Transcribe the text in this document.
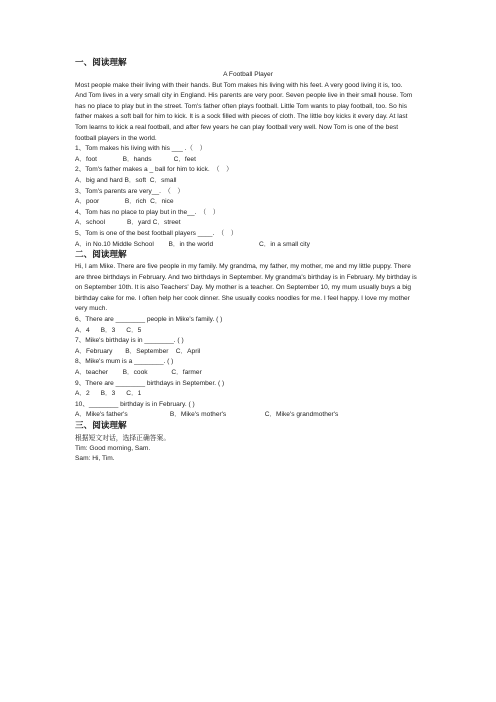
一、阅读理解
A Football Player

Most people make their living with their hands. But Tom makes his living with his feet. A very good living it is, too.

And Tom lives in a very small city in England. His parents are very poor. Seven people live in their small house. Tom has no place to play but in the street. Tom's father often plays football. Little Tom wants to play football, too. So his father makes a soft ball for him to kick. It is a sock filled with pieces of cloth. The little boy kicks it every day. At last Tom learns to kick a real football, and after few years he can play football very well. Now Tom is one of the best football players in the world.

1、Tom makes his living with his ___ .（　）

A．foot              B．hands            C．feet

2、Tom's father makes a _ ball for him to kick.　（　）

A．big and hard B．soft  C．small

3、Tom's parents are very__.　（　）

A．poor              B．rich  C．nice

4、Tom has no place to play but in the__.　（　）

A．school            B．yard C．street

5、Tom is one of the best football players ____.　（　）

A．in No.10 Middle School        B．in the world                         C．in a small city

二、阅读理解

Hi, I am Mike. There are five people in my family. My grandma, my father, my mother, me and my little puppy. There are three birthdays in February. And two birthdays in September. My grandma's birthday is in February. My birthday is on September 10th. It is also Teachers' Day. My mother is a teacher. On September 10, my mum usually buys a big birthday cake for me. I often help her cook dinner. She usually cooks noodles for me. I feel happy. I love my mother very much.

6、There are ________ people in Mike's family. ( )

A．4      B．3      C．5

7、Mike's birthday is in ________. ( )

A．February       B．September    C．April

8、Mike's mum is a ________. ( )

A．teacher        B．cook             C．farmer

9、There are ________ birthdays in September. ( )

A．2      B．3      C．1

10、________ birthday is in February. ( )

A．Mike's father's                       B．Mike's mother's                     C．Mike's grandmother's

三、阅读理解

根据短文对话，选择正确答案。

Tim: Good morning, Sam.

Sam: Hi, Tim.
